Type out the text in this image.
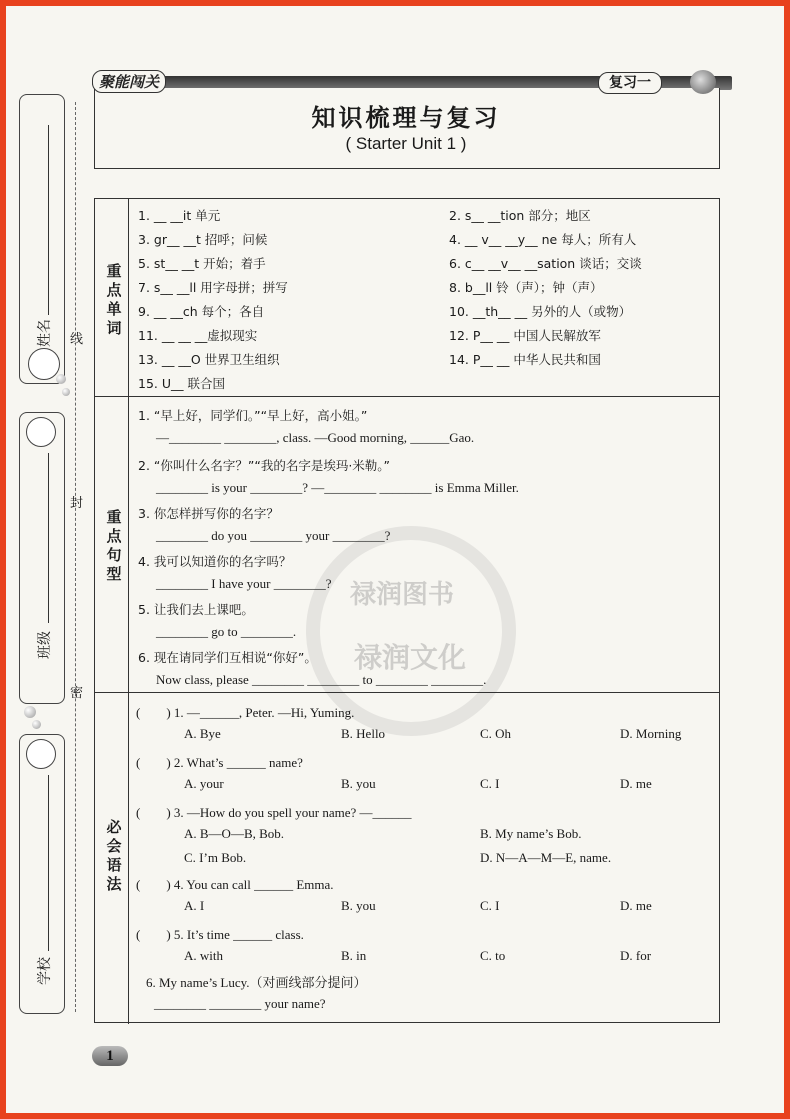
姓名
班级
学校
线
封
密
聚能闯关	复习一
知识梳理与复习
( Starter Unit 1 )
禄润图书
禄润文化
重
点
单
词
重
点
句
型
必
会
语
法
1. __ __it 单元	2. s__ __tion 部分；地区
3. gr__ __t 招呼；问候	4. __ v__ __y__ ne 每人；所有人
5. st__ __t 开始；着手	6. c__ __v__ __sation 谈话；交谈
7. s__ __ll 用字母拼；拼写	8. b__ll 铃（声）；钟（声）
9. __ __ch 每个；各自	10. __th__ __ 另外的人（或物）
11. __ __ __虚拟现实	12. P__ __ 中国人民解放军
13. __ __O 世界卫生组织	14. P__ __ 中华人民共和国
15. U__ 联合国
1. “早上好，同学们。”“早上好，高小姐。”
—________ ________, class. —Good morning, ______Gao.
2. “你叫什么名字？”“我的名字是埃玛·米勒。”
________ is your ________? —________ ________ is Emma Miller.
3. 你怎样拼写你的名字？
________ do you ________ your ________?
4. 我可以知道你的名字吗？
________ I have your ________?
5. 让我们去上课吧。
________ go to ________.
6. 现在请同学们互相说“你好”。
Now class, please ________ ________ to ________ ________.
(　　) 1. —______, Peter. —Hi, Yuming.
A. Bye	B. Hello	C. Oh	D. Morning
(　　) 2. What’s ______ name?
A. your	B. you	C. I	D. me
(　　) 3. —How do you spell your name? —______
A. B—O—B, Bob.	B. My name’s Bob.
C. I’m Bob.	D. N—A—M—E, name.
(　　) 4. You can call ______ Emma.
A. I	B. you	C. I	D. me
(　　) 5. It’s time ______ class.
A. with	B. in	C. to	D. for
6. My name’s Lucy.（对画线部分提问）
________ ________ your name?
1
